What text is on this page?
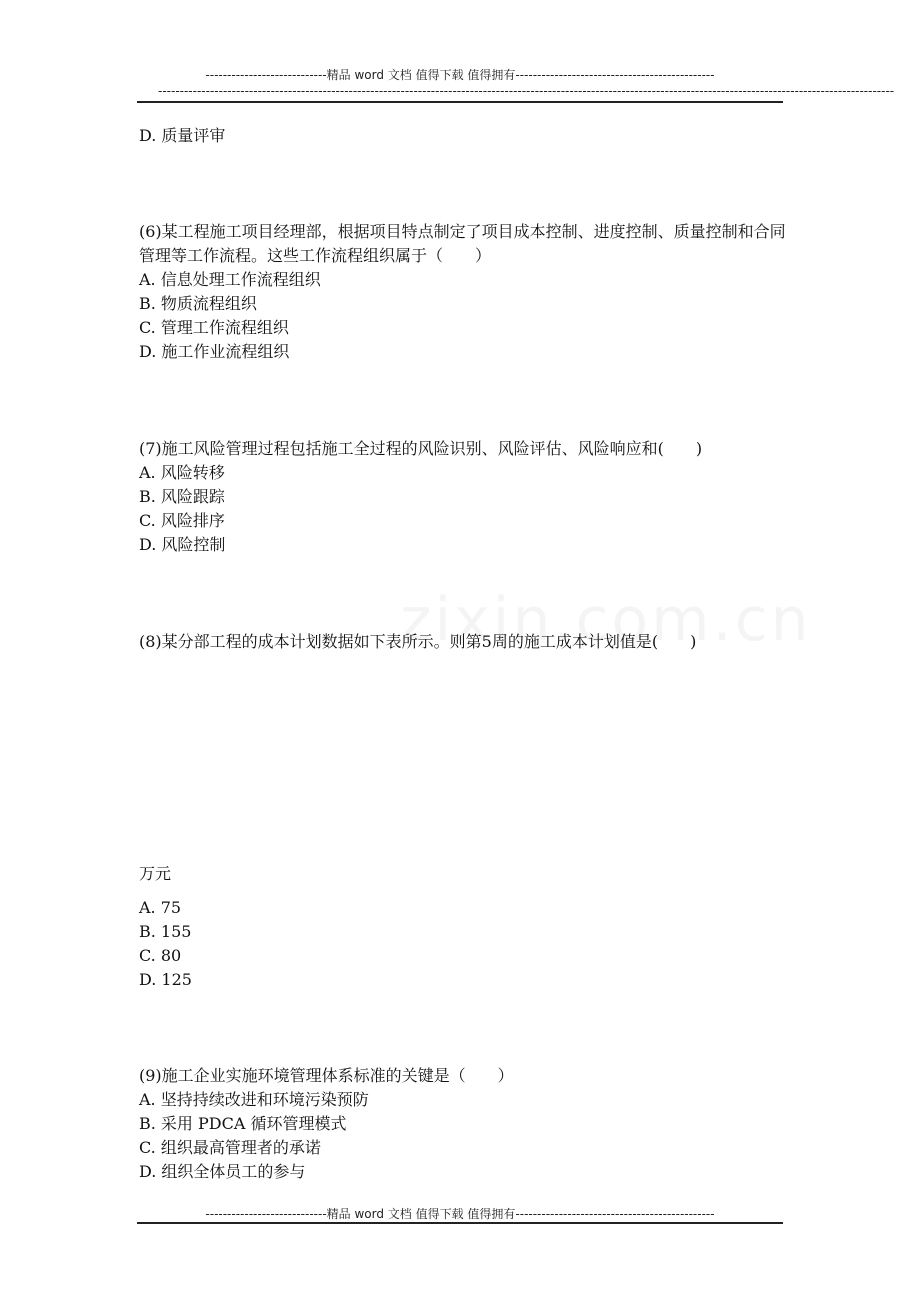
----------------------------精品 word 文档 值得下载 值得拥有----------------------------------------------
--------------------------------------------------------------------------------------------------------------------------------------------------------------------------
D. 质量评审
(6)某工程施工项目经理部，根据项目特点制定了项目成本控制、进度控制、质量控制和合同管理等工作流程。这些工作流程组织属于（　　）
A. 信息处理工作流程组织
B. 物质流程组织
C. 管理工作流程组织
D. 施工作业流程组织
(7)施工风险管理过程包括施工全过程的风险识别、风险评估、风险响应和(　　)
A. 风险转移
B. 风险跟踪
C. 风险排序
D. 风险控制
(8)某分部工程的成本计划数据如下表所示。则第5周的施工成本计划值是(　　)
万元
A. 75
B. 155
C. 80
D. 125
(9)施工企业实施环境管理体系标准的关键是（　　）
A. 坚持持续改进和环境污染预防
B. 采用 PDCA 循环管理模式
C. 组织最高管理者的承诺
D. 组织全体员工的参与
----------------------------精品 word 文档 值得下载 值得拥有----------------------------------------------
